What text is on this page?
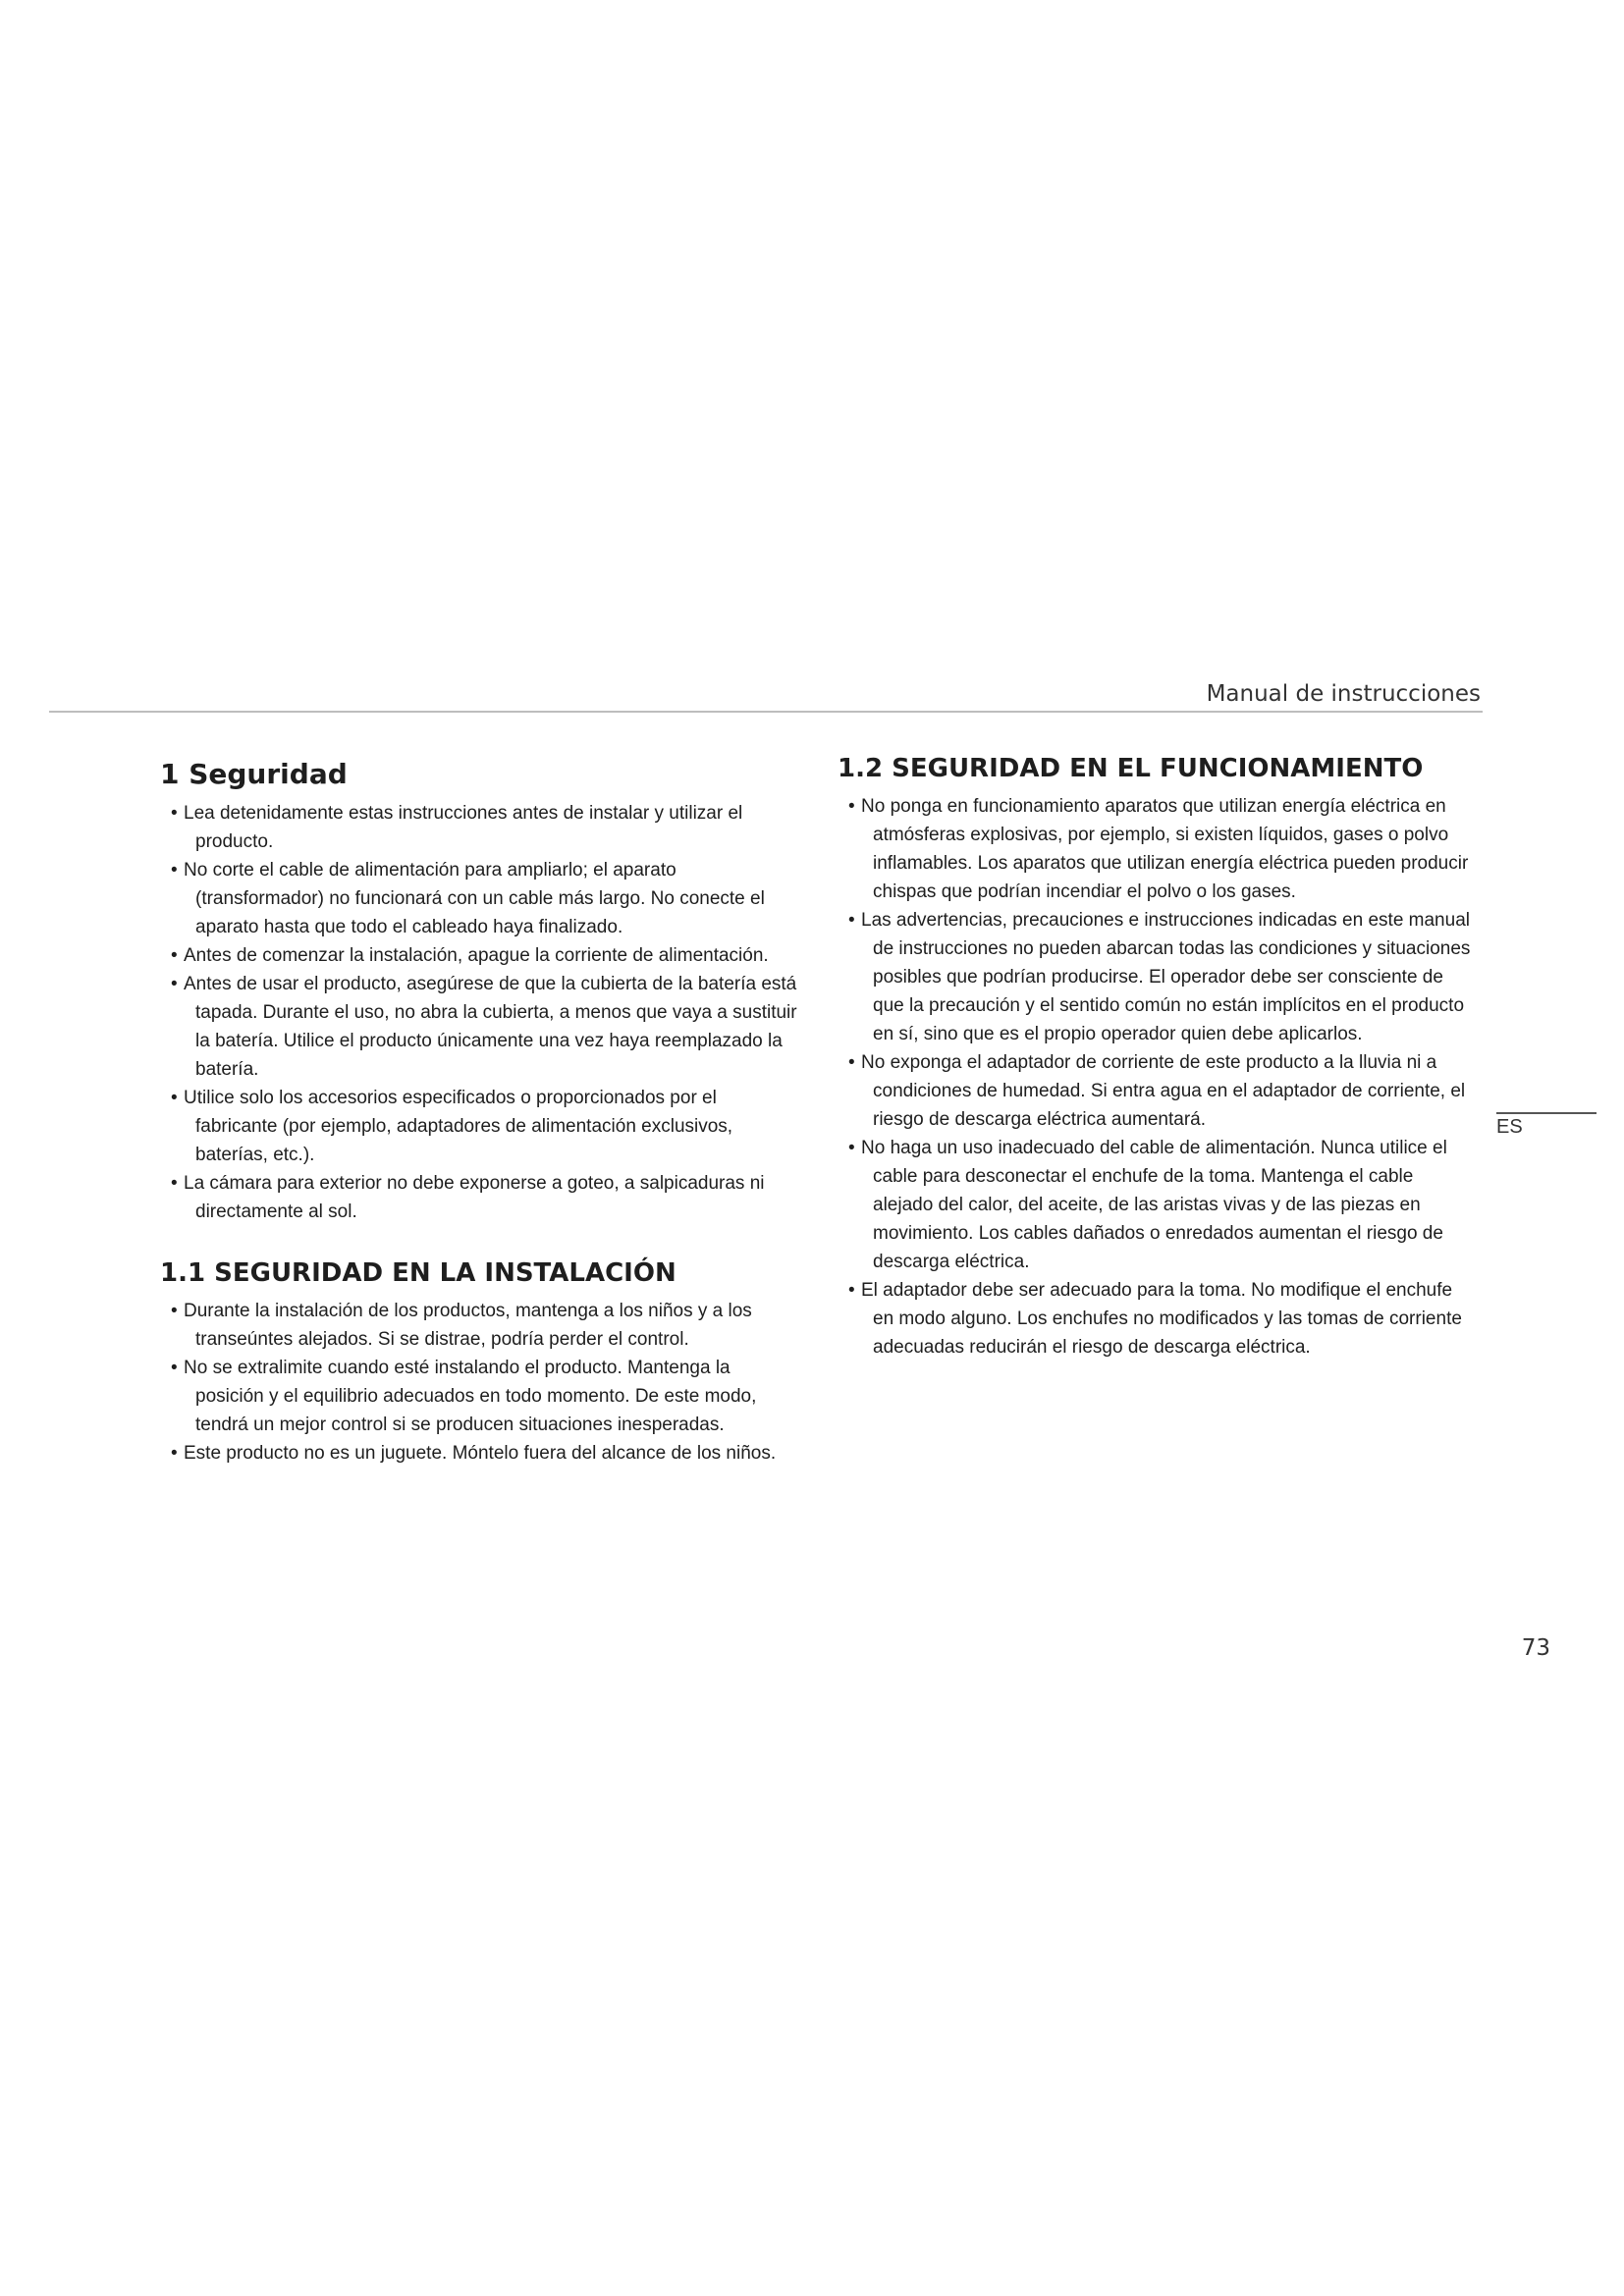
Manual de instrucciones
1 Seguridad
• Lea detenidamente estas instrucciones antes de instalar y utilizar el producto.
• No corte el cable de alimentación para ampliarlo; el aparato (transformador) no funcionará con un cable más largo. No conecte el aparato hasta que todo el cableado haya finalizado.
• Antes de comenzar la instalación, apague la corriente de alimentación.
• Antes de usar el producto, asegúrese de que la cubierta de la batería está tapada. Durante el uso, no abra la cubierta, a menos que vaya a sustituir la batería. Utilice el producto únicamente una vez haya reemplazado la batería.
• Utilice solo los accesorios especificados o proporcionados por el fabricante (por ejemplo, adaptadores de alimentación exclusivos, baterías, etc.).
• La cámara para exterior no debe exponerse a goteo, a salpicaduras ni directamente al sol.
1.1 SEGURIDAD EN LA INSTALACIÓN
• Durante la instalación de los productos, mantenga a los niños y a los transeúntes alejados. Si se distrae, podría perder el control.
• No se extralimite cuando esté instalando el producto. Mantenga la posición y el equilibrio adecuados en todo momento. De este modo, tendrá un mejor control si se producen situaciones inesperadas.
• Este producto no es un juguete. Móntelo fuera del alcance de los niños.
1.2 SEGURIDAD EN EL FUNCIONAMIENTO
• No ponga en funcionamiento aparatos que utilizan energía eléctrica en atmósferas explosivas, por ejemplo, si existen líquidos, gases o polvo inflamables. Los aparatos que utilizan energía eléctrica pueden producir chispas que podrían incendiar el polvo o los gases.
• Las advertencias, precauciones e instrucciones indicadas en este manual de instrucciones no pueden abarcan todas las condiciones y situaciones posibles que podrían producirse. El operador debe ser consciente de que la precaución y el sentido común no están implícitos en el producto en sí, sino que es el propio operador quien debe aplicarlos.
• No exponga el adaptador de corriente de este producto a la lluvia ni a condiciones de humedad. Si entra agua en el adaptador de corriente, el riesgo de descarga eléctrica aumentará.
• No haga un uso inadecuado del cable de alimentación. Nunca utilice el cable para desconectar el enchufe de la toma. Mantenga el cable alejado del calor, del aceite, de las aristas vivas y de las piezas en movimiento. Los cables dañados o enredados aumentan el riesgo de descarga eléctrica.
• El adaptador debe ser adecuado para la toma. No modifique el enchufe en modo alguno. Los enchufes no modificados y las tomas de corriente adecuadas reducirán el riesgo de descarga eléctrica.
ES
73
